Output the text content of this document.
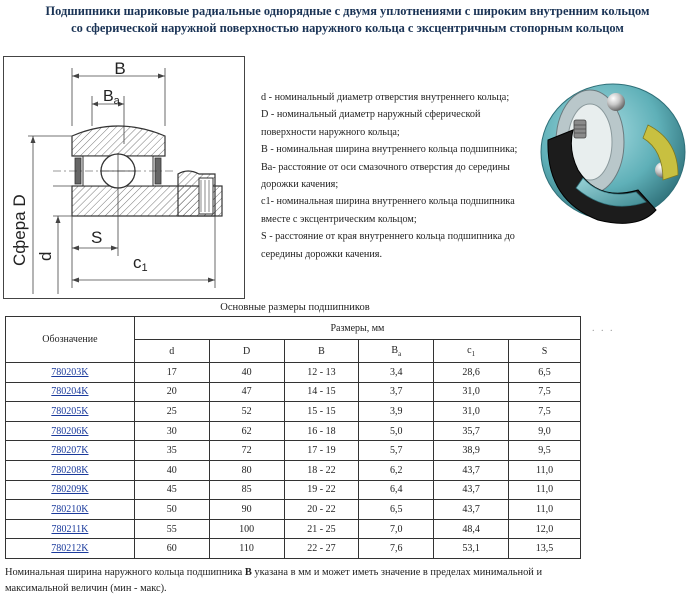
Подшипники шариковые радиальные однорядные с двумя уплотнениями с широким внутренним кольцом
со сферической наружной поверхностью наружного кольца с эксцентричным стопорным кольцом
B
Ba
S
c1
Сфера D d
d - номинальный диаметр отверстия внутреннего кольца;
D - номинальный диаметр наружный сферической
поверхности наружного кольца;
B - номинальная ширина внутреннего кольца подшипника;
Ba- расстояние от оси смазочного отверстия до середины
дорожки качения;
c1- номинальная ширина внутреннего кольца подшипника
вместе с эксцентрическим кольцом;
S - расстояние от края внутреннего кольца подшипника до
середины дорожки качения.
Основные размеры подшипников
. . .
Обозначение	Размеры, мм					
	d	D	B	$B_a$	$c_1$	S
780203K	17	40	12 - 13	3,4	28,6	6,5
780204K	20	47	14 - 15	3,7	31,0	7,5
780205K	25	52	15 - 15	3,9	31,0	7,5
780206K	30	62	16 - 18	5,0	35,7	9,0
780207K	35	72	17 - 19	5,7	38,9	9,5
780208K	40	80	18 - 22	6,2	43,7	11,0
780209K	45	85	19 - 22	6,4	43,7	11,0
780210K	50	90	20 - 22	6,5	43,7	11,0
780211K	55	100	21 - 25	7,0	48,4	12,0
780212K	60	110	22 - 27	7,6	53,1	13,5
Номинальная ширина наружного кольца подшипника B указана в мм и может иметь значение в пределах минимальной и
максимальной величин (мин - макс).
